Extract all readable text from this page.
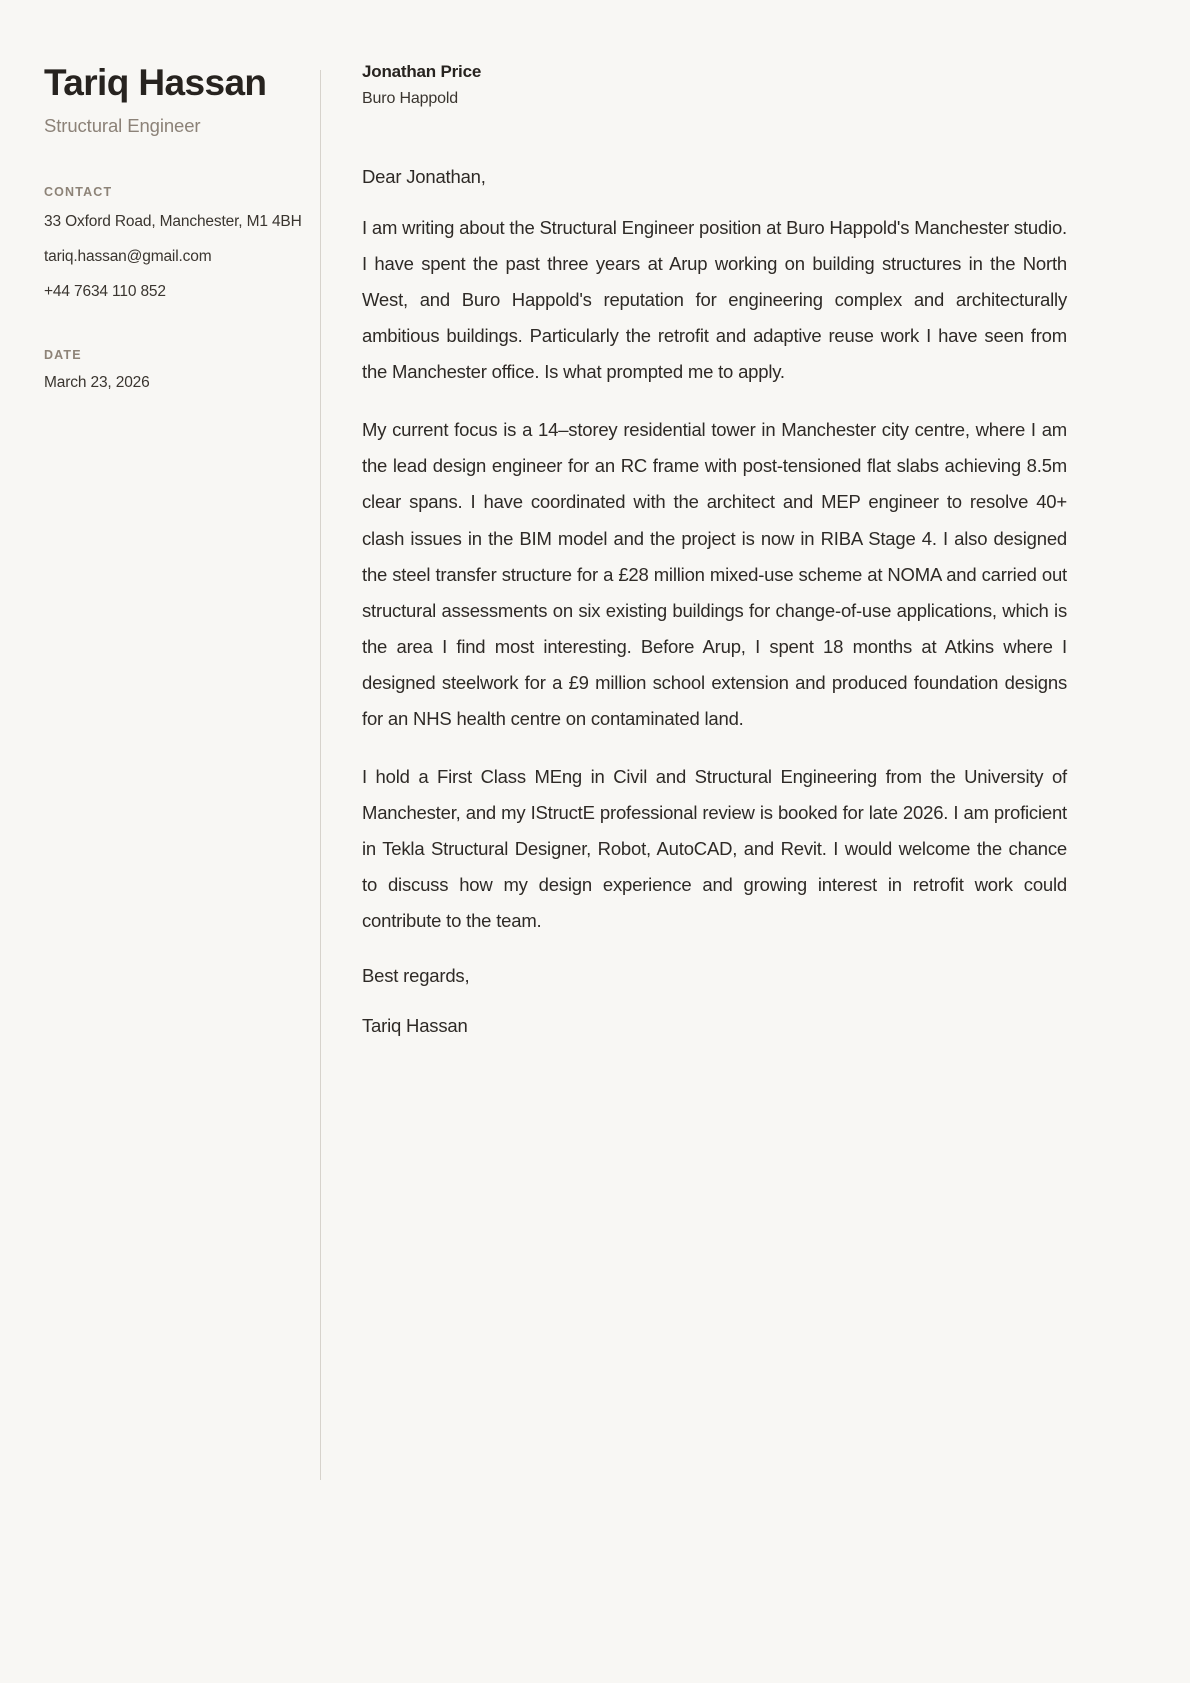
Tariq Hassan

Structural Engineer

CONTACT

33 Oxford Road, Manchester, M1 4BH

tariq.hassan@gmail.com

+44 7634 110 852

DATE

March 23, 2026

Jonathan Price

Buro Happold

Dear Jonathan,

I am writing about the Structural Engineer position at Buro Happold's Manchester studio. I have spent the past three years at Arup working on building structures in the North West, and Buro Happold's reputation for engineering complex and architecturally ambitious buildings. Particularly the retrofit and adaptive reuse work I have seen from the Manchester office. Is what prompted me to apply.

My current focus is a 14–storey residential tower in Manchester city centre, where I am the lead design engineer for an RC frame with post-tensioned flat slabs achieving 8.5m clear spans. I have coordinated with the architect and MEP engineer to resolve 40+ clash issues in the BIM model and the project is now in RIBA Stage 4. I also designed the steel transfer structure for a £28 million mixed-use scheme at NOMA and carried out structural assessments on six existing buildings for change-of-use applications, which is the area I find most interesting. Before Arup, I spent 18 months at Atkins where I designed steelwork for a £9 million school extension and produced foundation designs for an NHS health centre on contaminated land.

I hold a First Class MEng in Civil and Structural Engineering from the University of Manchester, and my IStructE professional review is booked for late 2026. I am proficient in Tekla Structural Designer, Robot, AutoCAD, and Revit. I would welcome the chance to discuss how my design experience and growing interest in retrofit work could contribute to the team.

Best regards,

Tariq Hassan
